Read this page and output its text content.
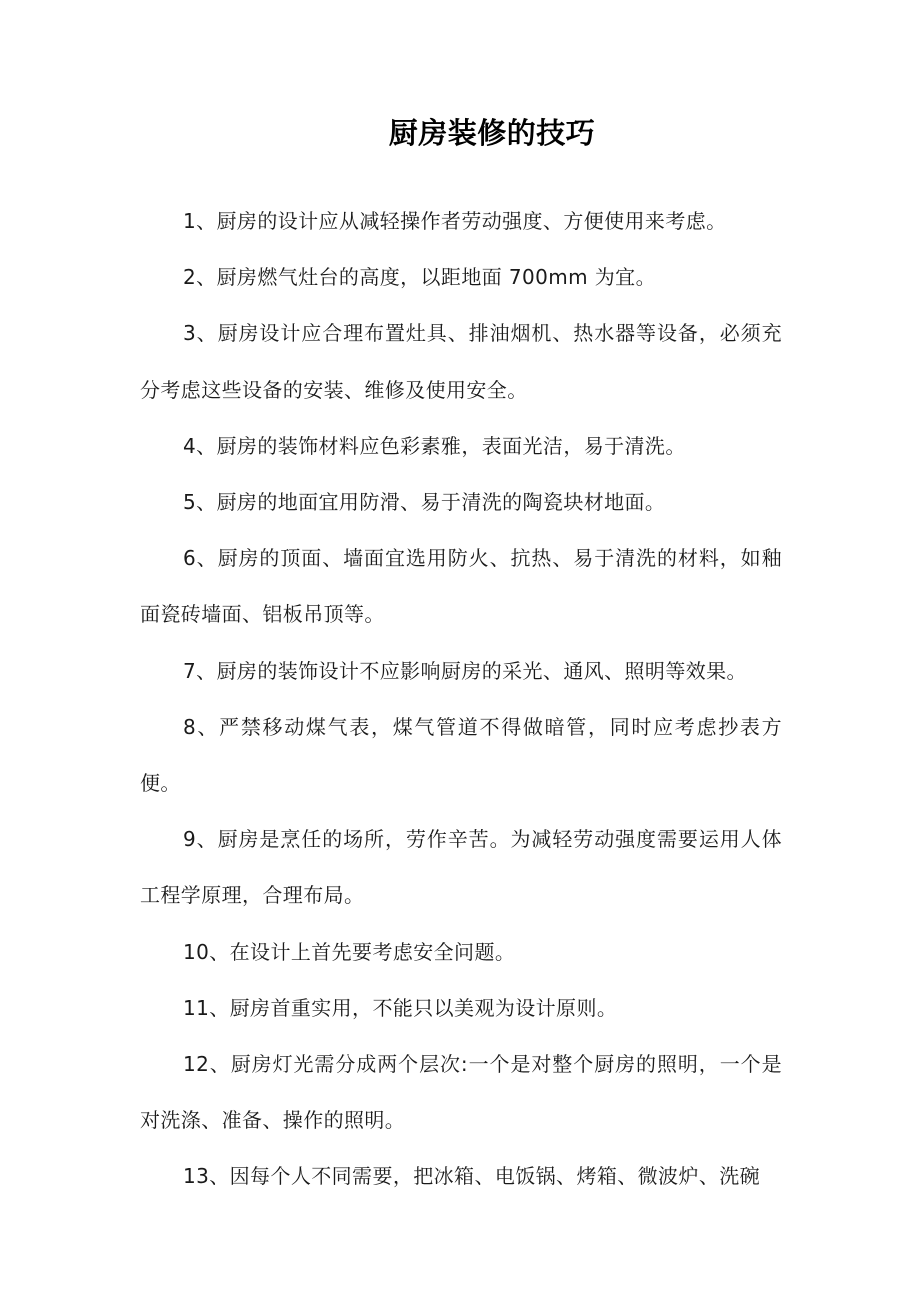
厨房装修的技巧

1、厨房的设计应从减轻操作者劳动强度、方便使用来考虑。

2、厨房燃气灶台的高度，以距地面 700mm 为宜。

3、厨房设计应合理布置灶具、排油烟机、热水器等设备，必须充分考虑这些设备的安装、维修及使用安全。

4、厨房的装饰材料应色彩素雅，表面光洁，易于清洗。

5、厨房的地面宜用防滑、易于清洗的陶瓷块材地面。

6、厨房的顶面、墙面宜选用防火、抗热、易于清洗的材料，如釉面瓷砖墙面、铝板吊顶等。

7、厨房的装饰设计不应影响厨房的采光、通风、照明等效果。

8、严禁移动煤气表，煤气管道不得做暗管，同时应考虑抄表方便。

9、厨房是烹任的场所，劳作辛苦。为减轻劳动强度需要运用人体工程学原理，合理布局。

10、在设计上首先要考虑安全问题。

11、厨房首重实用，不能只以美观为设计原则。

12、厨房灯光需分成两个层次:一个是对整个厨房的照明，一个是对洗涤、准备、操作的照明。

13、因每个人不同需要，把冰箱、电饭锅、烤箱、微波炉、洗碗
